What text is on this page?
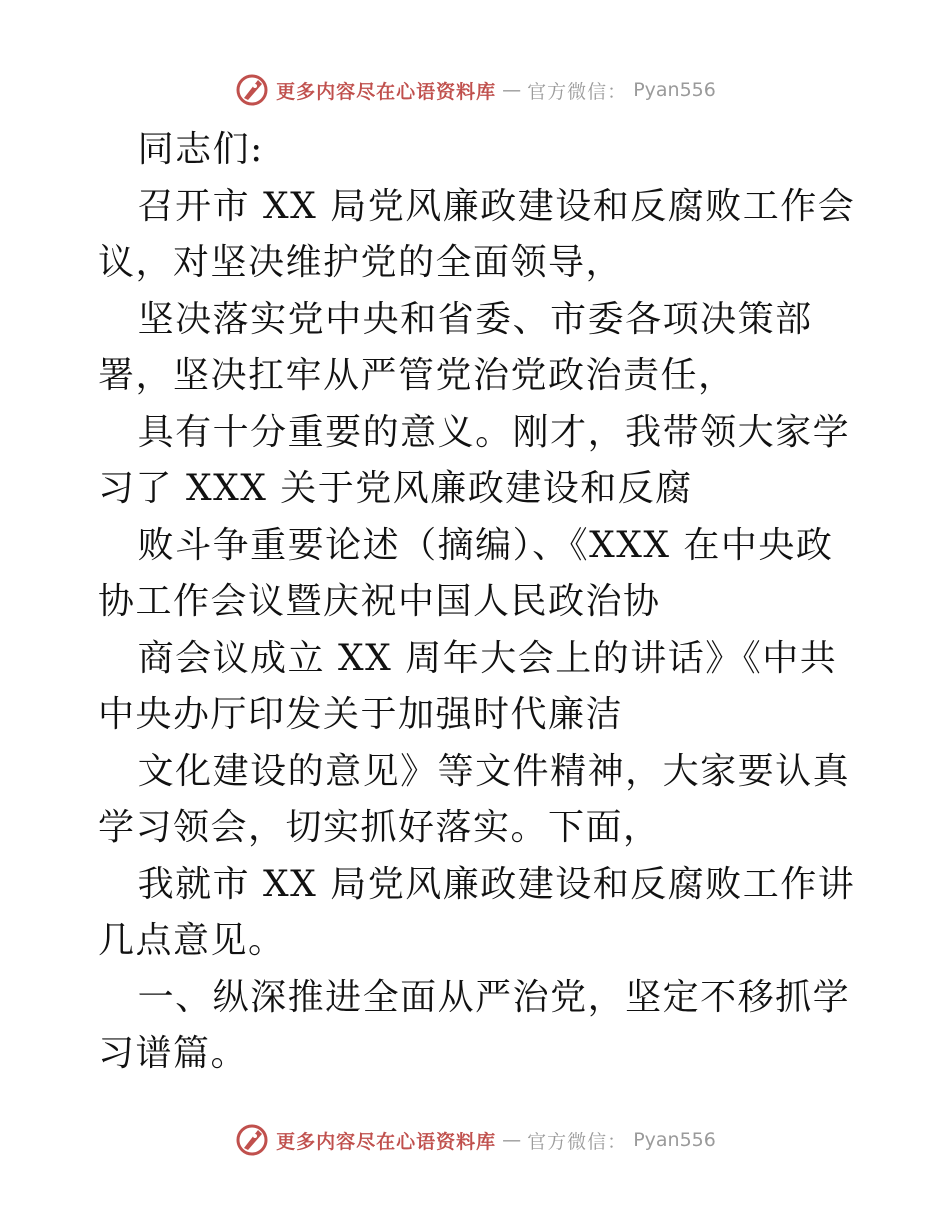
更多内容尽在心语资料库 — 官方微信： Pyan556

同志们:

召开市 XX 局党风廉政建设和反腐败工作会议，对坚决维护党的全面领导，

坚决落实党中央和省委、市委各项决策部署，坚决扛牢从严管党治党政治责任，

具有十分重要的意义。刚才，我带领大家学习了 XXX 关于党风廉政建设和反腐

败斗争重要论述（摘编）、《XXX 在中央政协工作会议暨庆祝中国人民政治协

商会议成立 XX 周年大会上的讲话》《中共中央办厅印发关于加强时代廉洁

文化建设的意见》等文件精神，大家要认真学习领会，切实抓好落实。下面，

我就市 XX 局党风廉政建设和反腐败工作讲几点意见。

一、纵深推进全面从严治党，坚定不移抓学习谱篇。

更多内容尽在心语资料库 — 官方微信： Pyan556
